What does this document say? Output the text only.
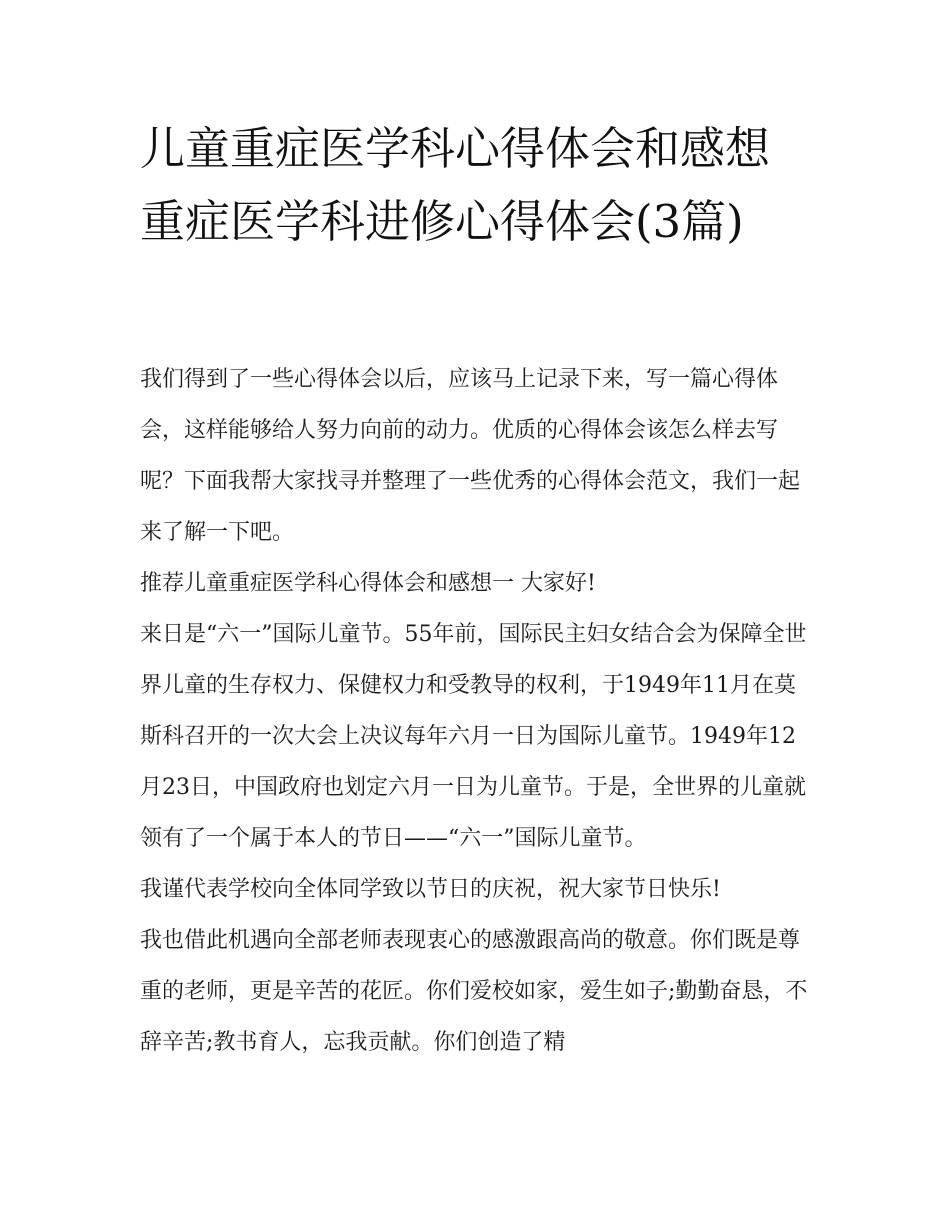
儿童重症医学科心得体会和感想 重症医学科进修心得体会(3篇)

我们得到了一些心得体会以后，应该马上记录下来，写一篇心得体会，这样能够给人努力向前的动力。优质的心得体会该怎么样去写呢？下面我帮大家找寻并整理了一些优秀的心得体会范文，我们一起来了解一下吧。

推荐儿童重症医学科心得体会和感想一 大家好!

来日是“六一”国际儿童节。55年前，国际民主妇女结合会为保障全世界儿童的生存权力、保健权力和受教导的权利，于1949年11月在莫斯科召开的一次大会上决议每年六月一日为国际儿童节。1949年12月23日，中国政府也划定六月一日为儿童节。于是，全世界的儿童就领有了一个属于本人的节日——“六一”国际儿童节。

我谨代表学校向全体同学致以节日的庆祝，祝大家节日快乐!

我也借此机遇向全部老师表现衷心的感激跟高尚的敬意。你们既是尊重的老师，更是辛苦的花匠。你们爱校如家，爱生如子;勤勤奋恳，不辞辛苦;教书育人，忘我贡献。你们创造了精
